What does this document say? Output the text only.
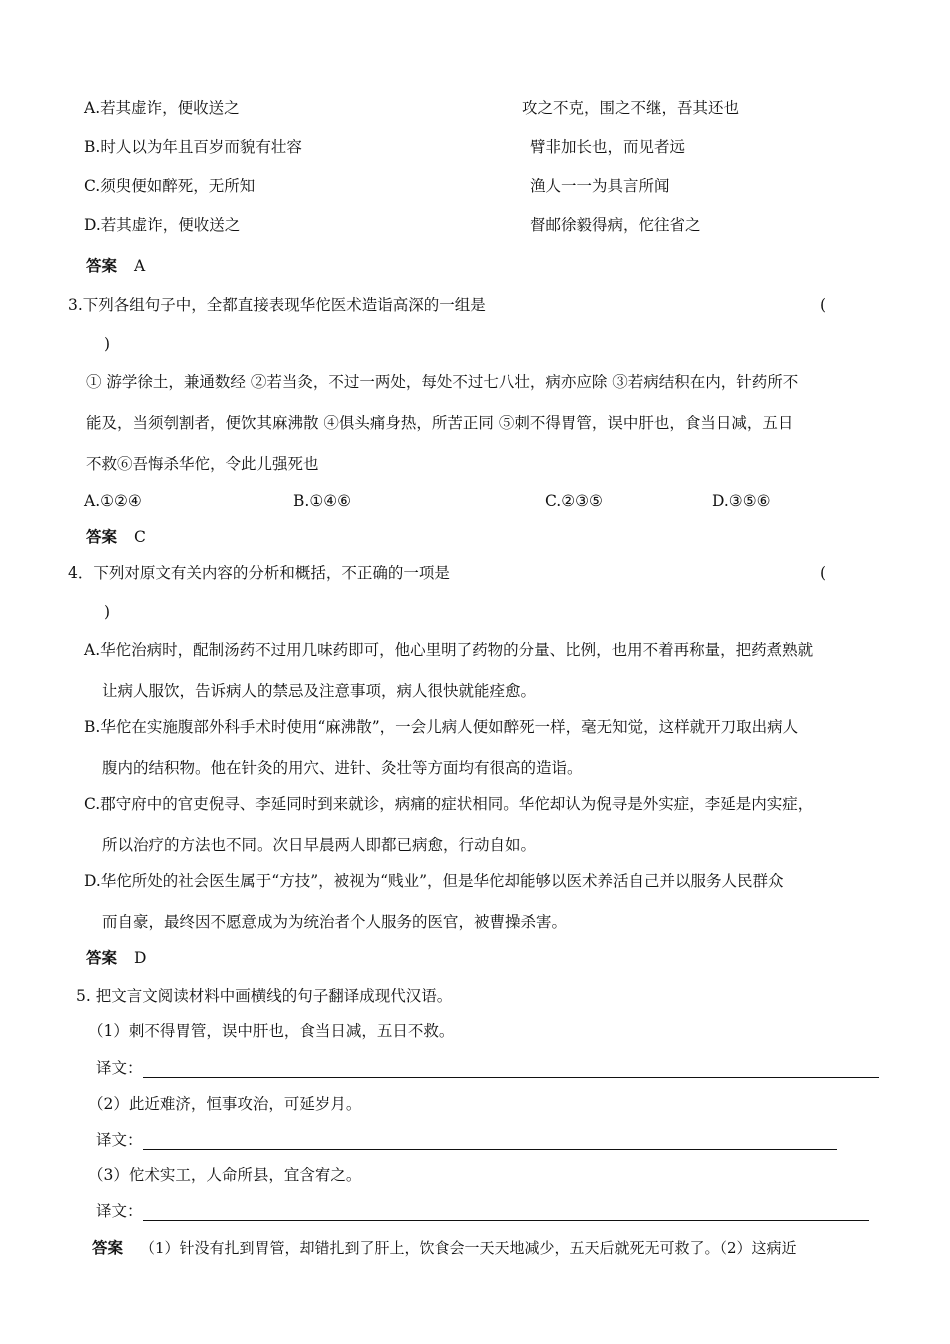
A.若其虚诈，便收送之	攻之不克，围之不继，吾其还也
B.时人以为年且百岁而貌有壮容	臂非加长也，而见者远
C.须臾便如醉死，无所知	渔人一一为具言所闻
D.若其虚诈，便收送之	督邮徐毅得病，佗往省之
答案 A
3.下列各组句子中，全都直接表现华佗医术造诣高深的一组是	(
)
① 游学徐土，兼通数经 ②若当灸，不过一两处，每处不过七八壮，病亦应除 ③若病结积在内，针药所不
能及，当须刳割者，便饮其麻沸散 ④俱头痛身热，所苦正同 ⑤刺不得胃管，误中肝也，食当日减，五日
不救⑥吾悔杀华佗，令此儿强死也
A.①②④	B.①④⑥	C.②③⑤	D.③⑤⑥
答案 C
4．下列对原文有关内容的分析和概括，不正确的一项是	(
)
A.华佗治病时，配制汤药不过用几味药即可，他心里明了药物的分量、比例，也用不着再称量，把药煮熟就
让病人服饮，告诉病人的禁忌及注意事项，病人很快就能痊愈。
B.华佗在实施腹部外科手术时使用“麻沸散”，一会儿病人便如醉死一样，毫无知觉，这样就开刀取出病人
腹内的结积物。他在针灸的用穴、进针、灸壮等方面均有很高的造诣。
C.郡守府中的官吏倪寻、李延同时到来就诊，病痛的症状相同。华佗却认为倪寻是外实症，李延是内实症，
所以治疗的方法也不同。次日早晨两人即都已病愈，行动自如。
D.华佗所处的社会医生属于“方技”，被视为“贱业”，但是华佗却能够以医术养活自己并以服务人民群众
而自豪，最终因不愿意成为为统治者个人服务的医官，被曹操杀害。
答案 D
5. 把文言文阅读材料中画横线的句子翻译成现代汉语。
（1）刺不得胃管，误中肝也，食当日减，五日不救。
译文：
（2）此近难济，恒事攻治，可延岁月。
译文：
（3）佗术实工，人命所县，宜含宥之。
译文：
答案 （1）针没有扎到胃管，却错扎到了肝上，饮食会一天天地减少，五天后就死无可救了。（2）这病近
